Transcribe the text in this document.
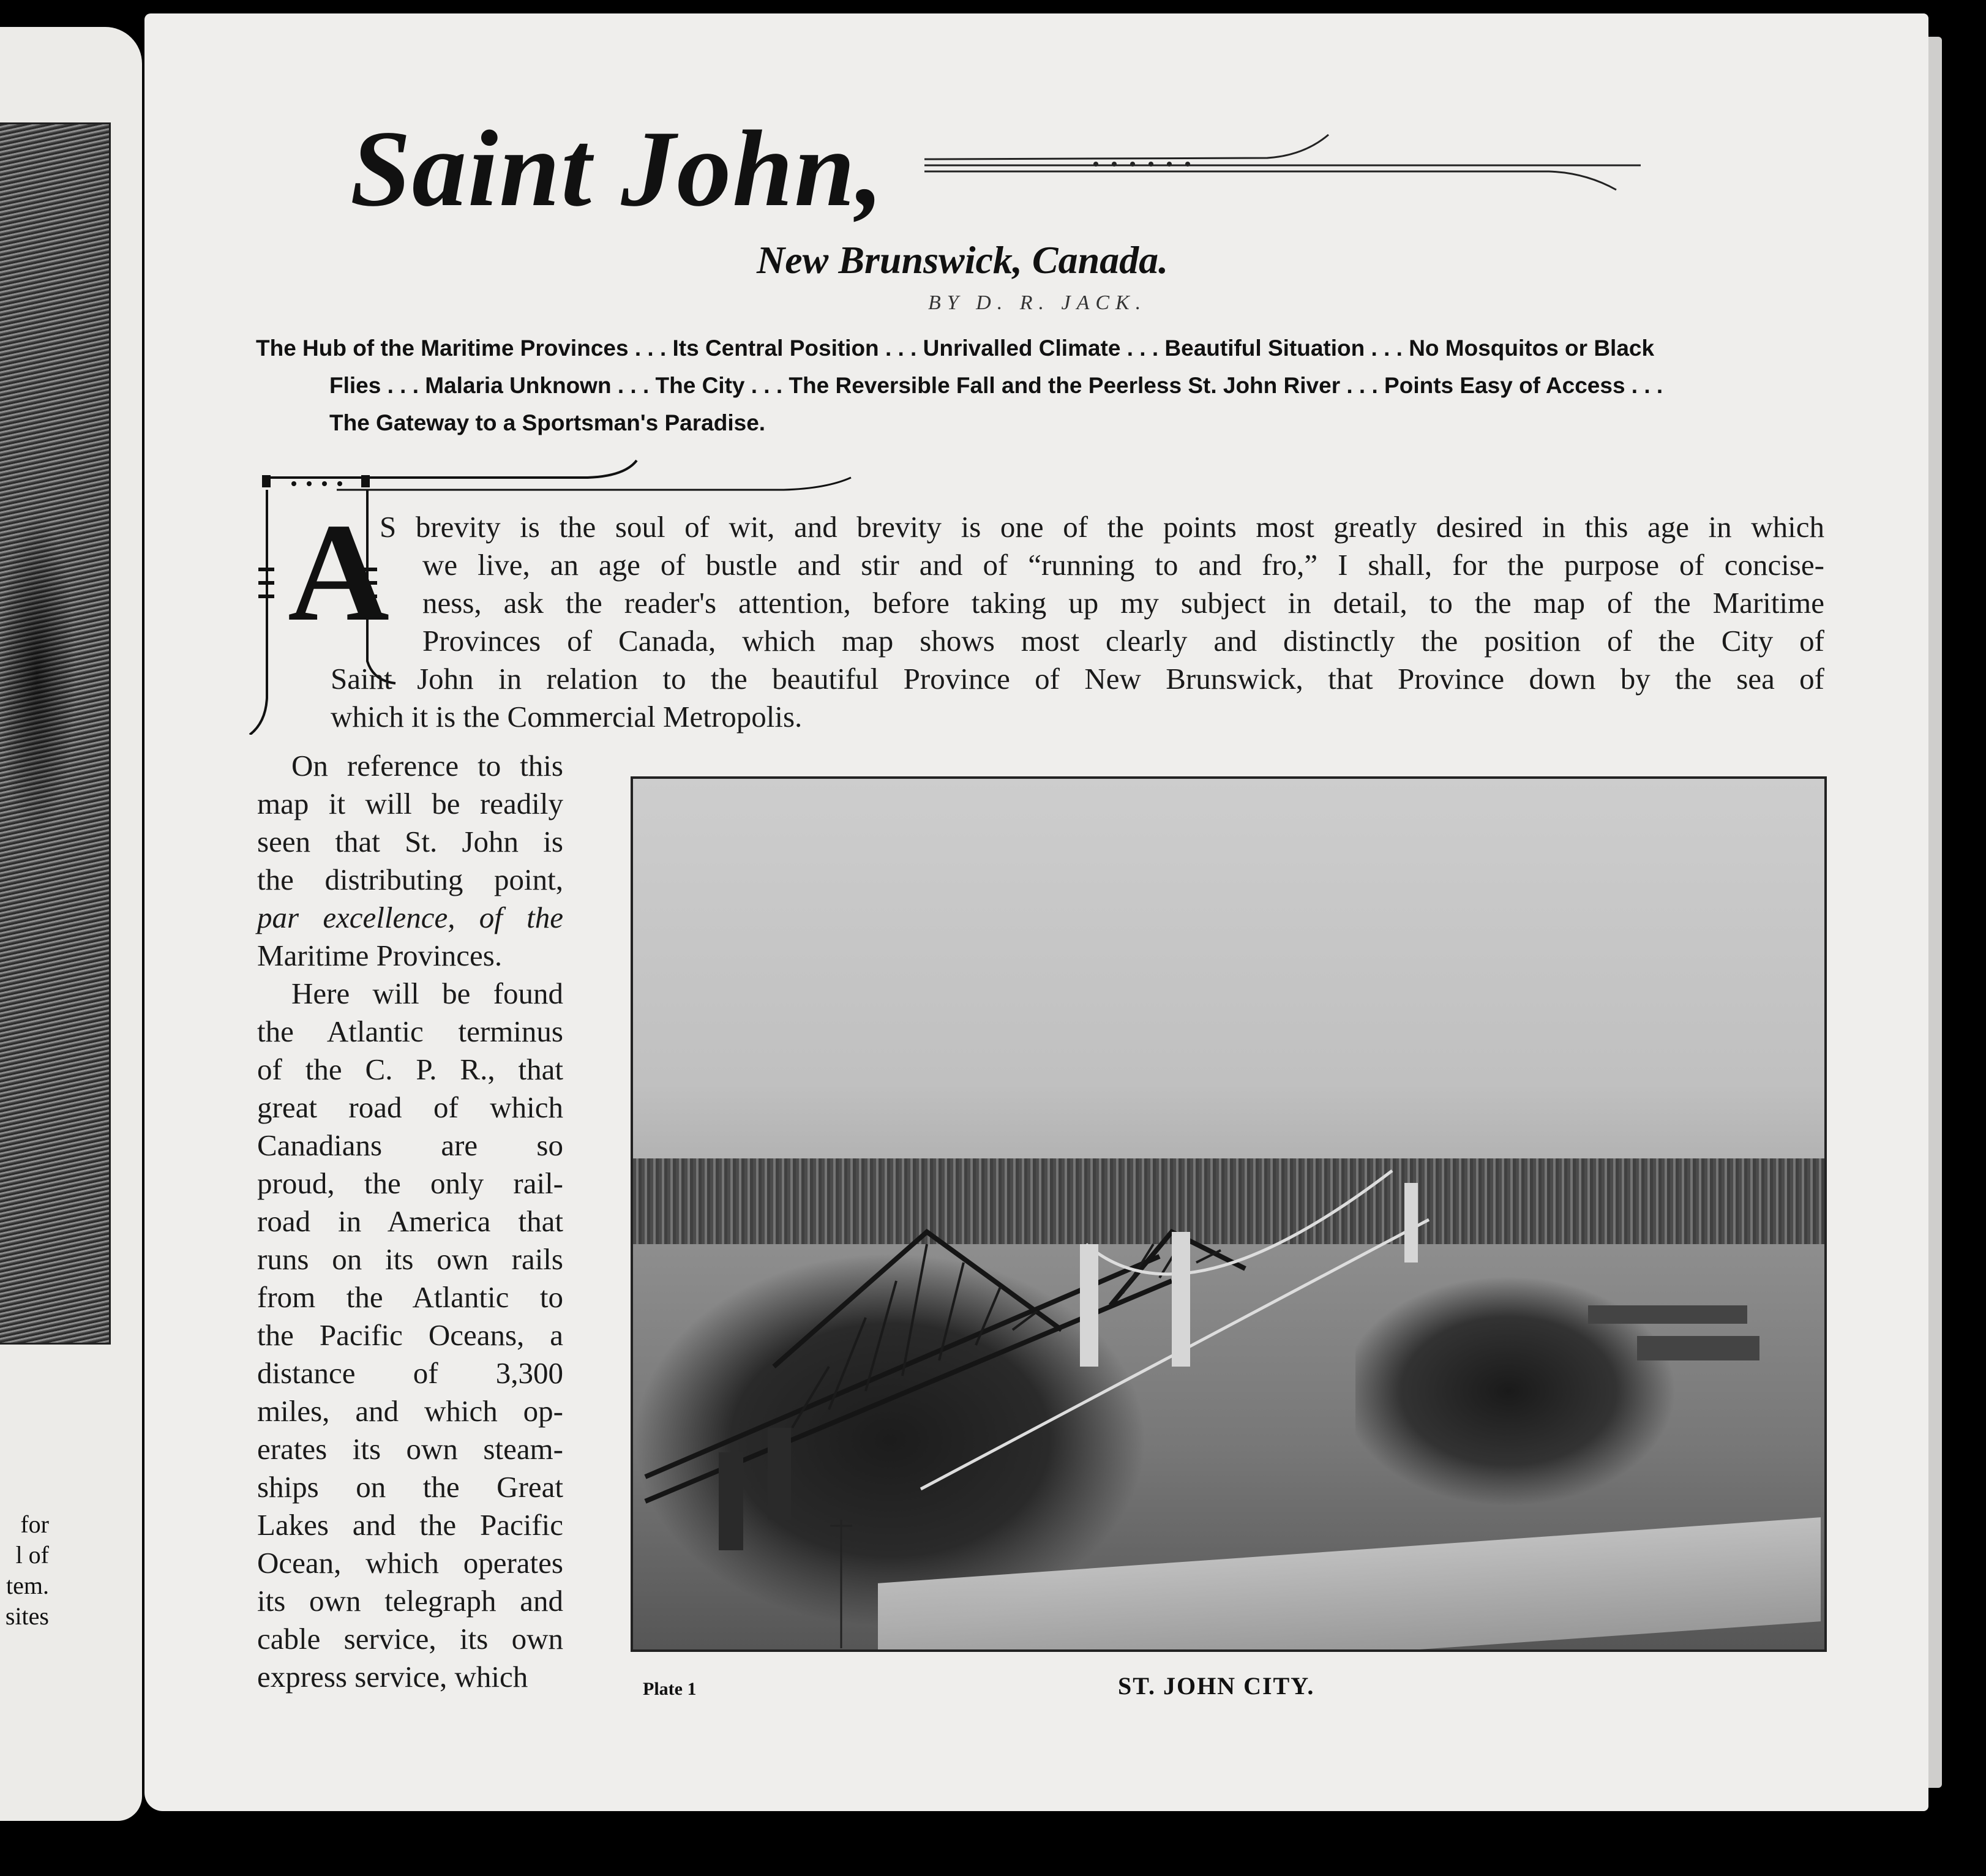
for
l of
tem.
sites
Saint John,
New Brunswick, Canada.
BY D. R. JACK.
The Hub of the Maritime Provinces . . . Its Central Position . . . Unrivalled Climate . . . Beautiful Situation . . . No Mosquitos or Black
Flies . . . Malaria Unknown . . . The City . . . The Reversible Fall and the Peerless St. John River . . . Points Easy of Access . . .
The Gateway to a Sportsman's Paradise.
A
S brevity is the soul of wit, and brevity is one of the points most greatly desired in this age in which
we live, an age of bustle and stir and of “running to and fro,” I shall, for the purpose of concise-
ness, ask the reader's attention, before taking up my subject in detail, to the map of the Maritime
Provinces of Canada, which map shows most clearly and distinctly the position of the City of
Saint John in relation to the beautiful Province of New Brunswick, that Province down by the sea of
which it is the Commercial Metropolis.
On reference to this
map it will be readily
seen that St. John is
the distributing point,
par excellence, of the
Maritime Provinces.
Here will be found
the Atlantic terminus
of the C. P. R., that
great road of which
Canadians are so
proud, the only rail-
road in America that
runs on its own rails
from the Atlantic to
the Pacific Oceans, a
distance of 3,300
miles, and which op-
erates its own steam-
ships on the Great
Lakes and the Pacific
Ocean, which operates
its own telegraph and
cable service, its own
express service, which	Plate 1	ST. JOHN CITY.
